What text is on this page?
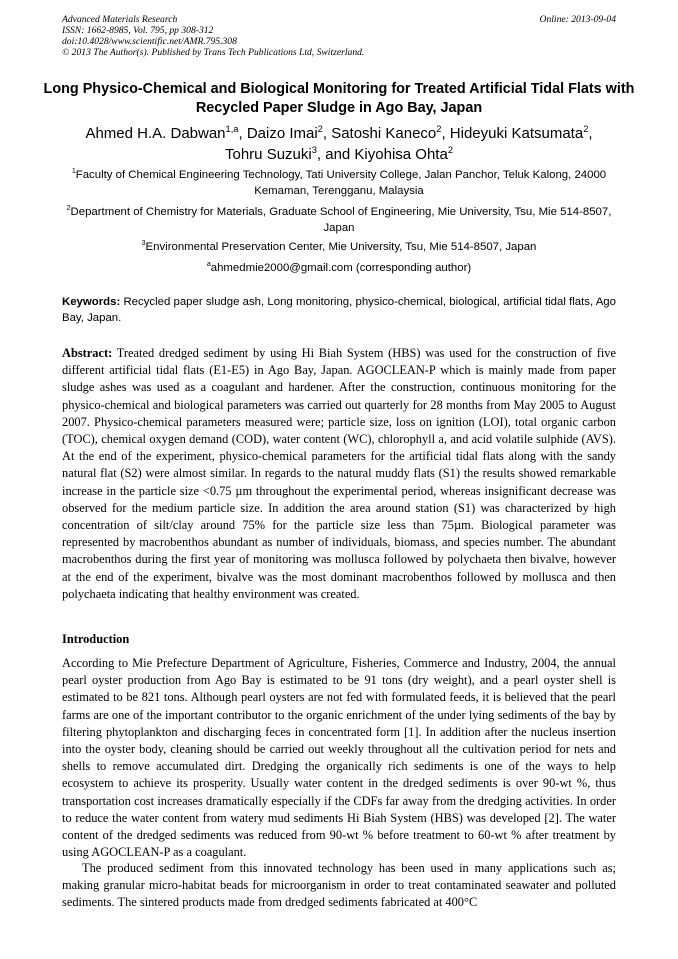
Advanced Materials Research
ISSN: 1662-8985, Vol. 795, pp 308-312
doi:10.4028/www.scientific.net/AMR.795.308
© 2013 The Author(s). Published by Trans Tech Publications Ltd, Switzerland.
Online: 2013-09-04
Long Physico-Chemical and Biological Monitoring for Treated Artificial Tidal Flats with Recycled Paper Sludge in Ago Bay, Japan
Ahmed H.A. Dabwan$^{1,a}$, Daizo Imai$^2$, Satoshi Kaneco$^2$, Hideyuki Katsumata$^2$,
Tohru Suzuki$^3$, and Kiyohisa Ohta$^2$
$^1$Faculty of Chemical Engineering Technology, Tati University College, Jalan Panchor, Teluk Kalong, 24000 Kemaman, Terengganu, Malaysia
$^2$Department of Chemistry for Materials, Graduate School of Engineering, Mie University, Tsu, Mie 514-8507, Japan
$^3$Environmental Preservation Center, Mie University, Tsu, Mie 514-8507, Japan
$^a$ahmedmie2000@gmail.com (corresponding author)
Keywords: Recycled paper sludge ash, Long monitoring, physico-chemical, biological, artificial tidal flats, Ago Bay, Japan.
Abstract: Treated dredged sediment by using Hi Biah System (HBS) was used for the construction of five different artificial tidal flats (E1-E5) in Ago Bay, Japan. AGOCLEAN-P which is mainly made from paper sludge ashes was used as a coagulant and hardener. After the construction, continuous monitoring for the physico-chemical and biological parameters was carried out quarterly for 28 months from May 2005 to August 2007. Physico-chemical parameters measured were; particle size, loss on ignition (LOI), total organic carbon (TOC), chemical oxygen demand (COD), water content (WC), chlorophyll a, and acid volatile sulphide (AVS). At the end of the experiment, physico-chemical parameters for the artificial tidal flats along with the sandy natural flat (S2) were almost similar. In regards to the natural muddy flats (S1) the results showed remarkable increase in the particle size <0.75 µm throughout the experimental period, whereas insignificant decrease was observed for the medium particle size. In addition the area around station (S1) was characterized by high concentration of silt/clay around 75% for the particle size less than 75µm. Biological parameter was represented by macrobenthos abundant as number of individuals, biomass, and species number. The abundant macrobenthos during the first year of monitoring was mollusca followed by polychaeta then bivalve, however at the end of the experiment, bivalve was the most dominant macrobenthos followed by mollusca and then polychaeta indicating that healthy environment was created.
Introduction
According to Mie Prefecture Department of Agriculture, Fisheries, Commerce and Industry, 2004, the annual pearl oyster production from Ago Bay is estimated to be 91 tons (dry weight), and a pearl oyster shell is estimated to be 821 tons. Although pearl oysters are not fed with formulated feeds, it is believed that the pearl farms are one of the important contributor to the organic enrichment of the under lying sediments of the bay by filtering phytoplankton and discharging feces in concentrated form [1]. In addition after the nucleus insertion into the oyster body, cleaning should be carried out weekly throughout all the cultivation period for nets and shells to remove accumulated dirt. Dredging the organically rich sediments is one of the ways to help ecosystem to achieve its prosperity. Usually water content in the dredged sediments is over 90-wt %, thus transportation cost increases dramatically especially if the CDFs far away from the dredging activities. In order to reduce the water content from watery mud sediments Hi Biah System (HBS) was developed [2]. The water content of the dredged sediments was reduced from 90-wt % before treatment to 60-wt % after treatment by using AGOCLEAN-P as a coagulant.
The produced sediment from this innovated technology has been used in many applications such as; making granular micro-habitat beads for microorganism in order to treat contaminated seawater and polluted sediments. The sintered products made from dredged sediments fabricated at 400°C
